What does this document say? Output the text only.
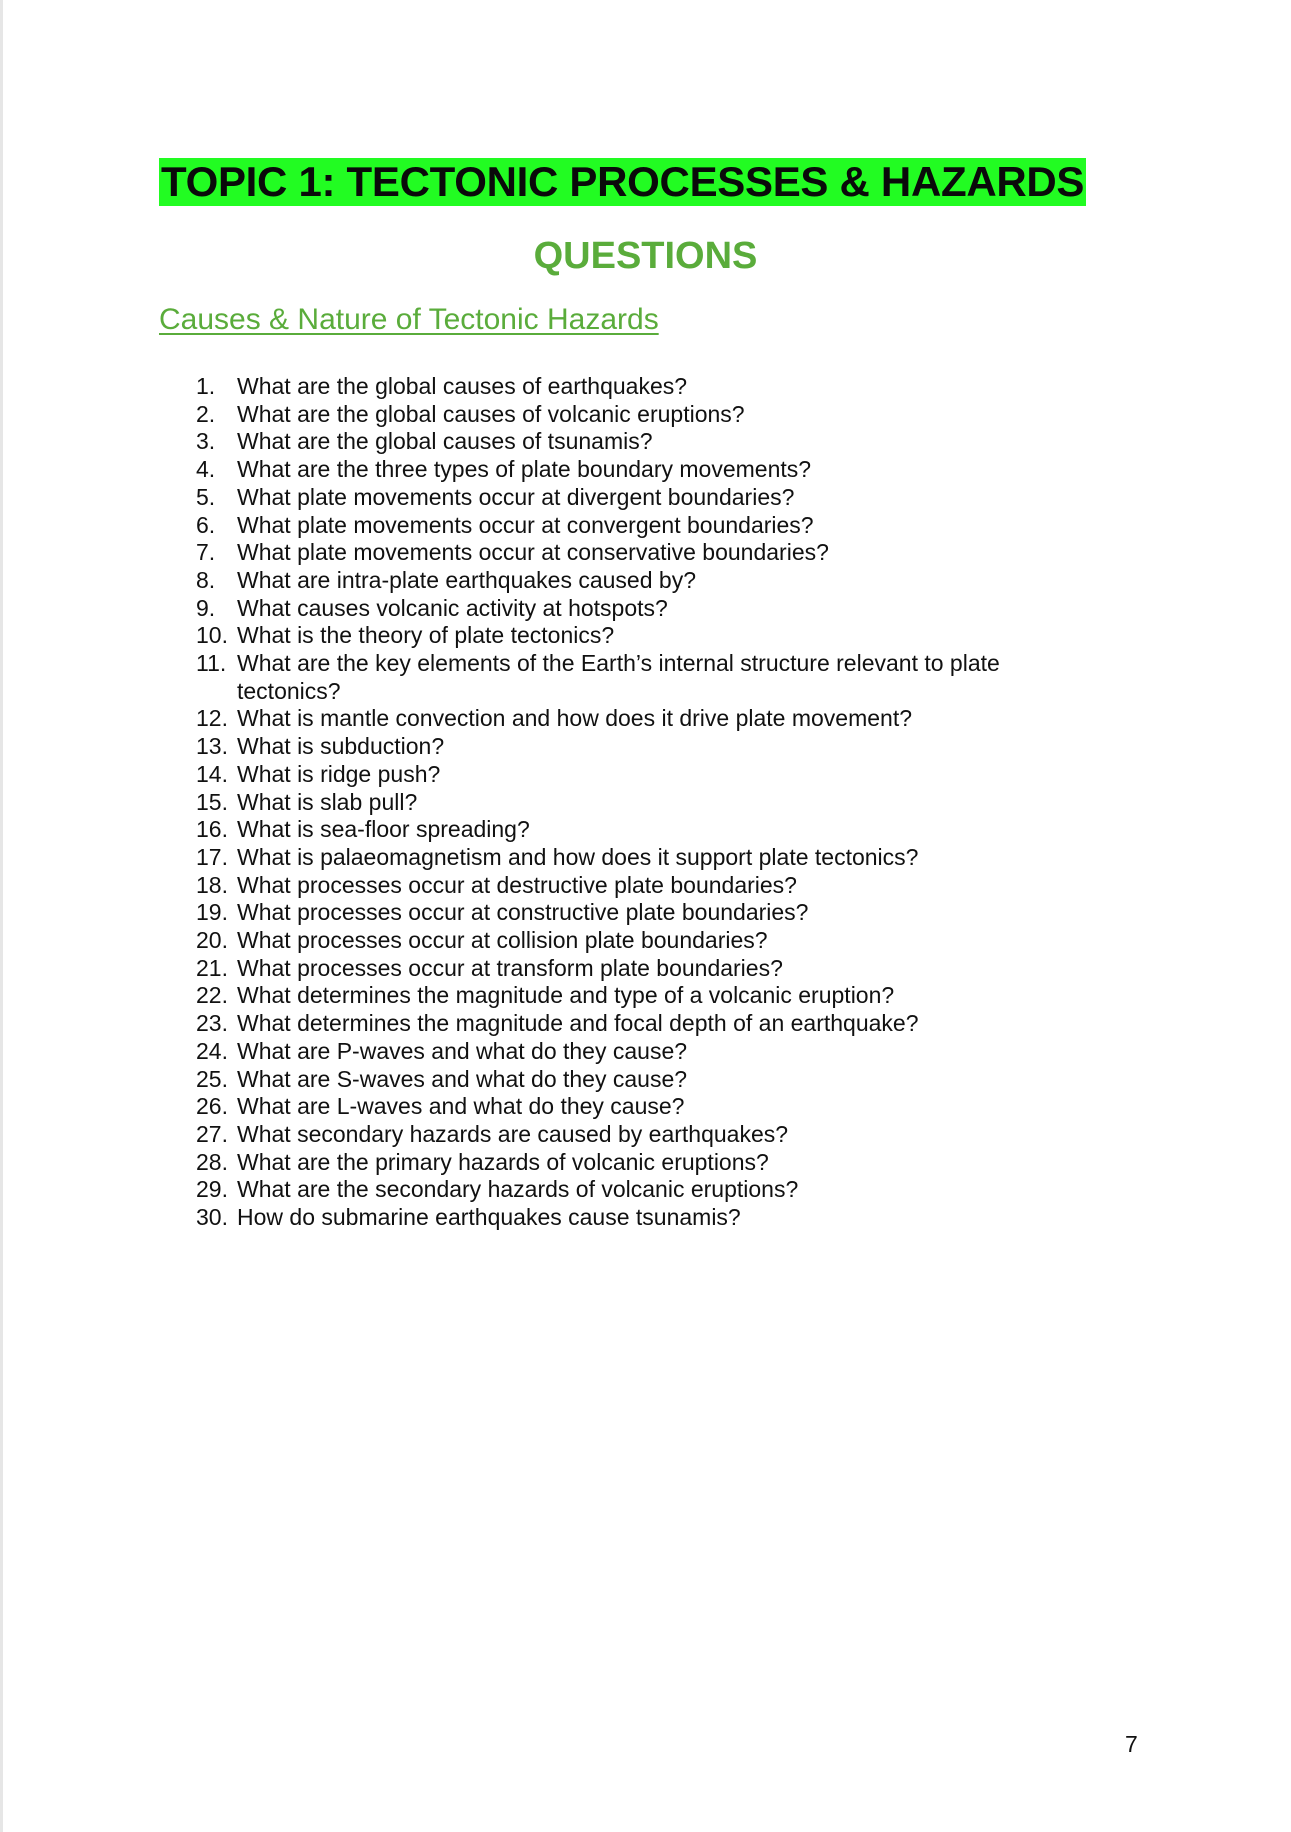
TOPIC 1: TECTONIC PROCESSES & HAZARDS
QUESTIONS
Causes & Nature of Tectonic Hazards
1. What are the global causes of earthquakes?
2. What are the global causes of volcanic eruptions?
3. What are the global causes of tsunamis?
4. What are the three types of plate boundary movements?
5. What plate movements occur at divergent boundaries?
6. What plate movements occur at convergent boundaries?
7. What plate movements occur at conservative boundaries?
8. What are intra-plate earthquakes caused by?
9. What causes volcanic activity at hotspots?
10. What is the theory of plate tectonics?
11. What are the key elements of the Earth’s internal structure relevant to plate tectonics?
12. What is mantle convection and how does it drive plate movement?
13. What is subduction?
14. What is ridge push?
15. What is slab pull?
16. What is sea-floor spreading?
17. What is palaeomagnetism and how does it support plate tectonics?
18. What processes occur at destructive plate boundaries?
19. What processes occur at constructive plate boundaries?
20. What processes occur at collision plate boundaries?
21. What processes occur at transform plate boundaries?
22. What determines the magnitude and type of a volcanic eruption?
23. What determines the magnitude and focal depth of an earthquake?
24. What are P-waves and what do they cause?
25. What are S-waves and what do they cause?
26. What are L-waves and what do they cause?
27. What secondary hazards are caused by earthquakes?
28. What are the primary hazards of volcanic eruptions?
29. What are the secondary hazards of volcanic eruptions?
30. How do submarine earthquakes cause tsunamis?
7
